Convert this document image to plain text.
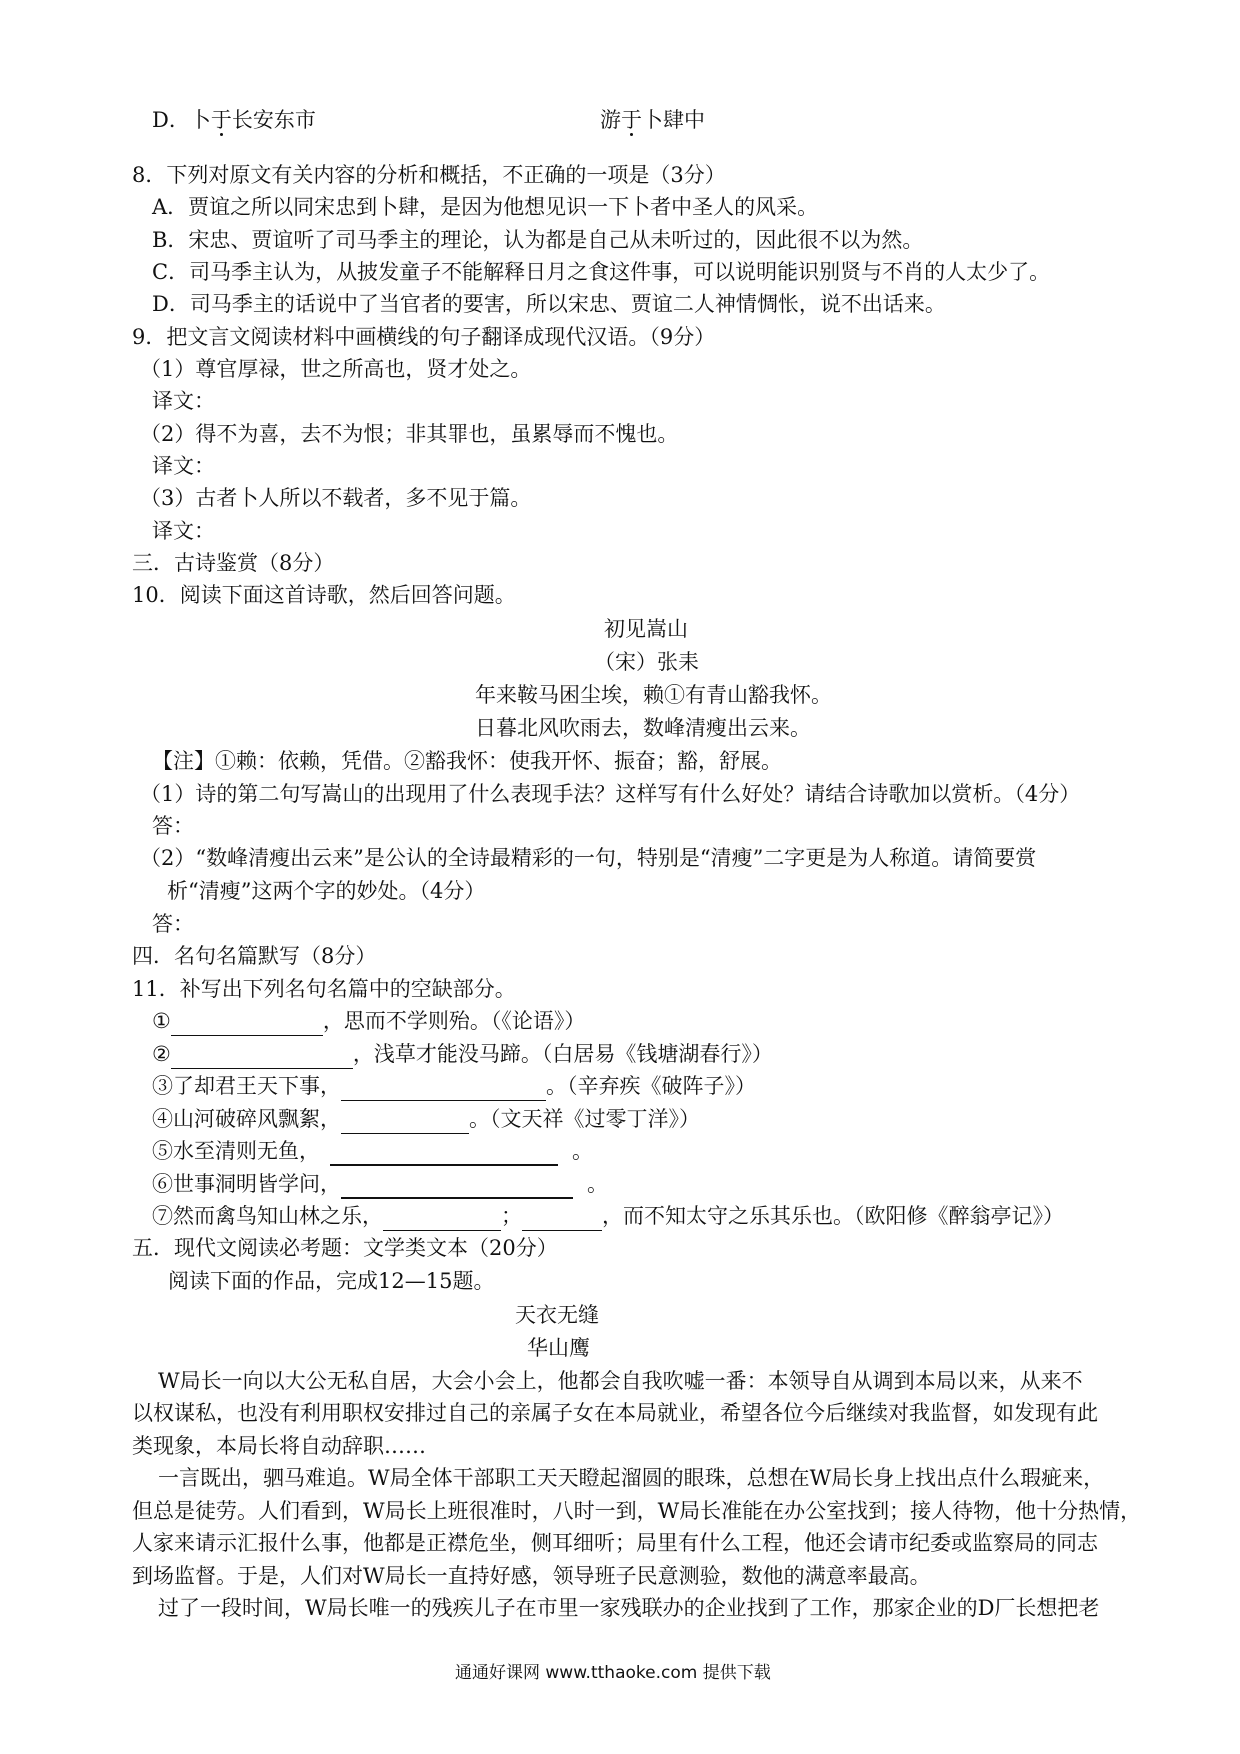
D．卜于长安东市	游于卜肆中
8．下列对原文有关内容的分析和概括，不正确的一项是（3分）
A．贾谊之所以同宋忠到卜肆，是因为他想见识一下卜者中圣人的风采。
B．宋忠、贾谊听了司马季主的理论，认为都是自己从未听过的，因此很不以为然。
C．司马季主认为，从披发童子不能解释日月之食这件事，可以说明能识别贤与不肖的人太少了。
D．司马季主的话说中了当官者的要害，所以宋忠、贾谊二人神情惆怅，说不出话来。
9．把文言文阅读材料中画横线的句子翻译成现代汉语。（9分）
（1）尊官厚禄，世之所高也，贤才处之。
译文：
（2）得不为喜，去不为恨；非其罪也，虽累辱而不愧也。
译文：
（3）古者卜人所以不载者，多不见于篇。
译文：
三．古诗鉴赏（8分）
10．阅读下面这首诗歌，然后回答问题。
初见嵩山
（宋）张耒
年来鞍马困尘埃，赖①有青山豁我怀。
日暮北风吹雨去，数峰清瘦出云来。
【注】①赖：依赖，凭借。②豁我怀：使我开怀、振奋；豁，舒展。
（1）诗的第二句写嵩山的出现用了什么表现手法？这样写有什么好处？请结合诗歌加以赏析。（4分）
答：
（2）“数峰清瘦出云来”是公认的全诗最精彩的一句，特别是“清瘦”二字更是为人称道。请简要赏
析“清瘦”这两个字的妙处。（4分）
答：
四．名句名篇默写（8分）
11．补写出下列名句名篇中的空缺部分。
①	，思而不学则殆。（《论语》）
②	，浅草才能没马蹄。（白居易《钱塘湖春行》）
③了却君王天下事，	。（辛弃疾《破阵子》）
④山河破碎风飘絮，	。（文天祥《过零丁洋》）
⑤水至清则无鱼，	。
⑥世事洞明皆学问，	。
⑦然而禽鸟知山林之乐，	；	，而不知太守之乐其乐也。（欧阳修《醉翁亭记》）
五．现代文阅读必考题：文学类文本（20分）
阅读下面的作品，完成12—15题。
天衣无缝
华山鹰
W局长一向以大公无私自居，大会小会上，他都会自我吹嘘一番：本领导自从调到本局以来，从来不
以权谋私，也没有利用职权安排过自己的亲属子女在本局就业，希望各位今后继续对我监督，如发现有此
类现象，本局长将自动辞职……
一言既出，驷马难追。W局全体干部职工天天瞪起溜圆的眼珠，总想在W局长身上找出点什么瑕疵来，
但总是徒劳。人们看到，W局长上班很准时，八时一到，W局长准能在办公室找到；接人待物，他十分热情，
人家来请示汇报什么事，他都是正襟危坐，侧耳细听；局里有什么工程，他还会请市纪委或监察局的同志
到场监督。于是，人们对W局长一直持好感，领导班子民意测验，数他的满意率最高。
过了一段时间，W局长唯一的残疾儿子在市里一家残联办的企业找到了工作，那家企业的D厂长想把老
通通好课网 www.tthaoke.com 提供下载
